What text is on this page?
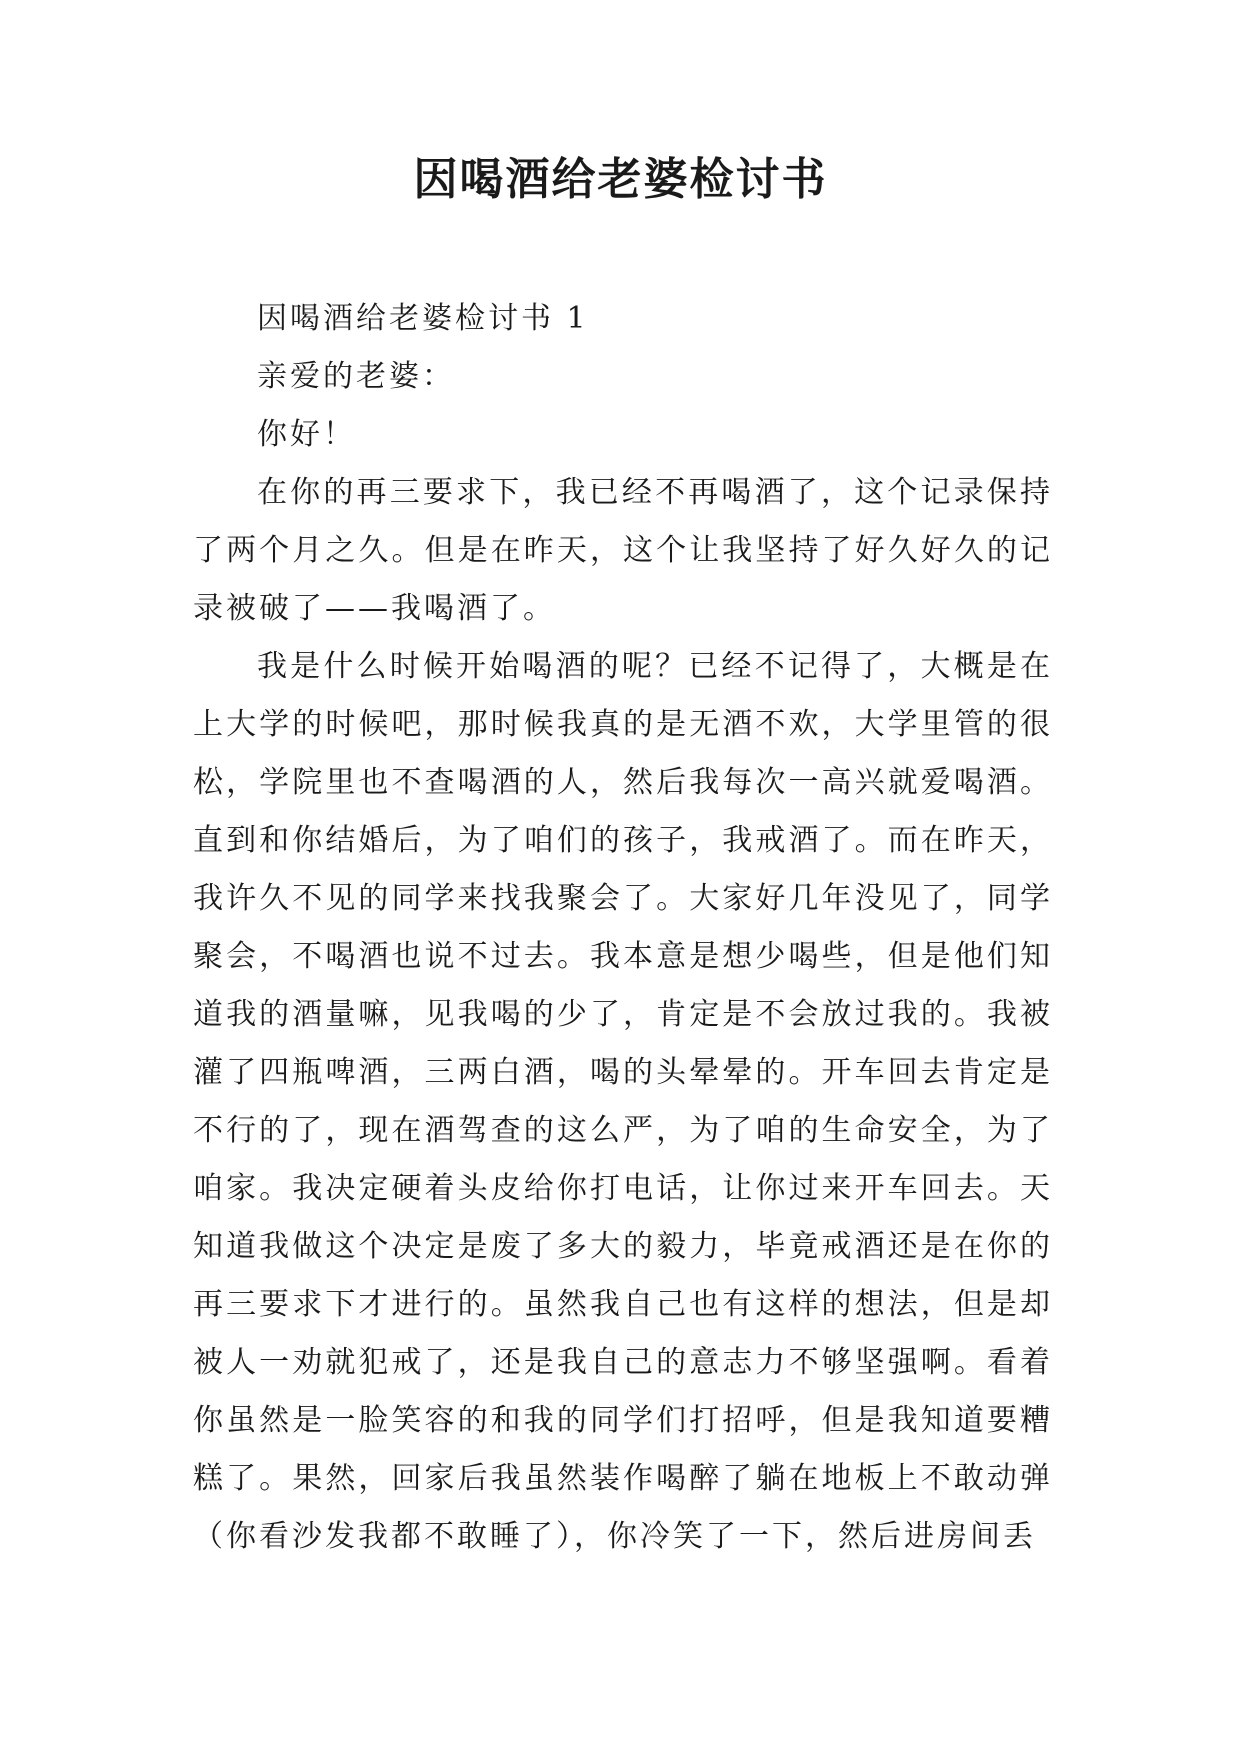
因喝酒给老婆检讨书

因喝酒给老婆检讨书 1

亲爱的老婆：

你好！

在你的再三要求下，我已经不再喝酒了，这个记录保持了两个月之久。但是在昨天，这个让我坚持了好久好久的记录被破了——我喝酒了。

我是什么时候开始喝酒的呢？已经不记得了，大概是在上大学的时候吧，那时候我真的是无酒不欢，大学里管的很松，学院里也不查喝酒的人，然后我每次一高兴就爱喝酒。直到和你结婚后，为了咱们的孩子，我戒酒了。而在昨天，我许久不见的同学来找我聚会了。大家好几年没见了，同学聚会，不喝酒也说不过去。我本意是想少喝些，但是他们知道我的酒量嘛，见我喝的少了，肯定是不会放过我的。我被灌了四瓶啤酒，三两白酒，喝的头晕晕的。开车回去肯定是不行的了，现在酒驾查的这么严，为了咱的生命安全，为了咱家。我决定硬着头皮给你打电话，让你过来开车回去。天知道我做这个决定是废了多大的毅力，毕竟戒酒还是在你的再三要求下才进行的。虽然我自己也有这样的想法，但是却被人一劝就犯戒了，还是我自己的意志力不够坚强啊。看着你虽然是一脸笑容的和我的同学们打招呼，但是我知道要糟糕了。果然，回家后我虽然装作喝醉了躺在地板上不敢动弹（你看沙发我都不敢睡了），你冷笑了一下，然后进房间丢
